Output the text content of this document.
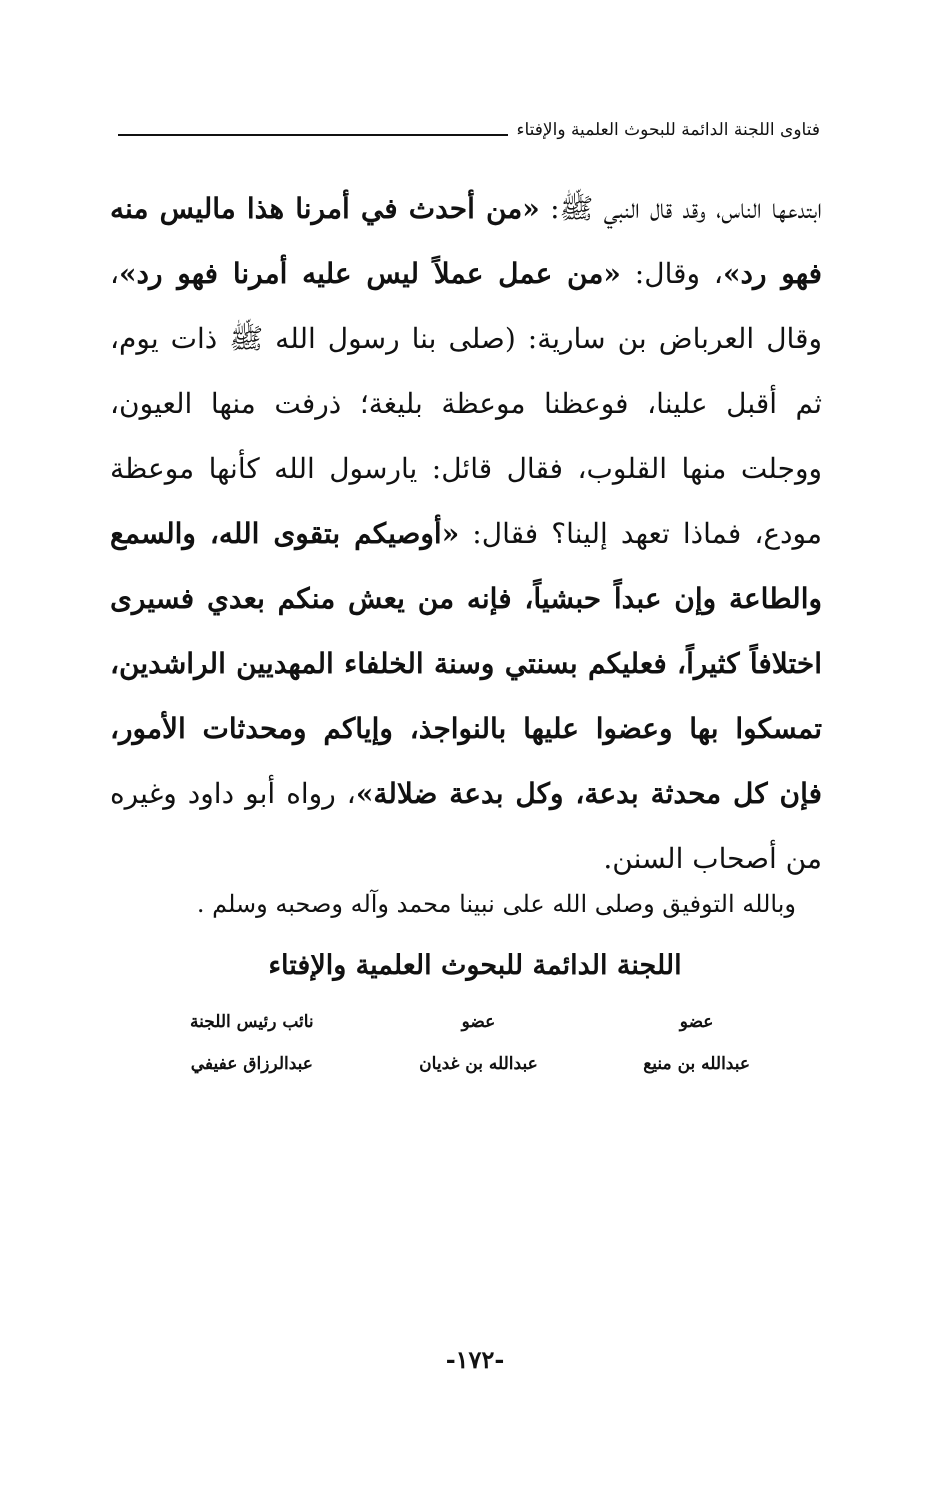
فتاوى اللجنة الدائمة للبحوث العلمية والإفتاء

ابتدعها الناس، وقد قال النبي ﷺ: «من أحدث في أمرنا هذا ماليس منه فهو رد»، وقال: «من عمل عملاً ليس عليه أمرنا فهو رد»، وقال العرباض بن سارية: (صلى بنا رسول الله ﷺ ذات يوم، ثم أقبل علينا، فوعظنا موعظة بليغة؛ ذرفت منها العيون، ووجلت منها القلوب، فقال قائل: يارسول الله كأنها موعظة مودع، فماذا تعهد إلينا؟ فقال: «أوصيكم بتقوى الله، والسمع والطاعة وإن عبداً حبشياً، فإنه من يعش منكم بعدي فسيرى اختلافاً كثيراً، فعليكم بسنتي وسنة الخلفاء المهديين الراشدين، تمسكوا بها وعضوا عليها بالنواجذ، وإياكم ومحدثات الأمور، فإن كل محدثة بدعة، وكل بدعة ضلالة»، رواه أبو داود وغيره من أصحاب السنن.

وبالله التوفيق وصلى الله على نبينا محمد وآله وصحبه وسلم .
اللجنة الدائمة للبحوث العلمية والإفتاء
عضو
عبدالله بن منيع
عضو
عبدالله بن غديان
نائب رئيس اللجنة
عبدالرزاق عفيفي
-١٧٢-
